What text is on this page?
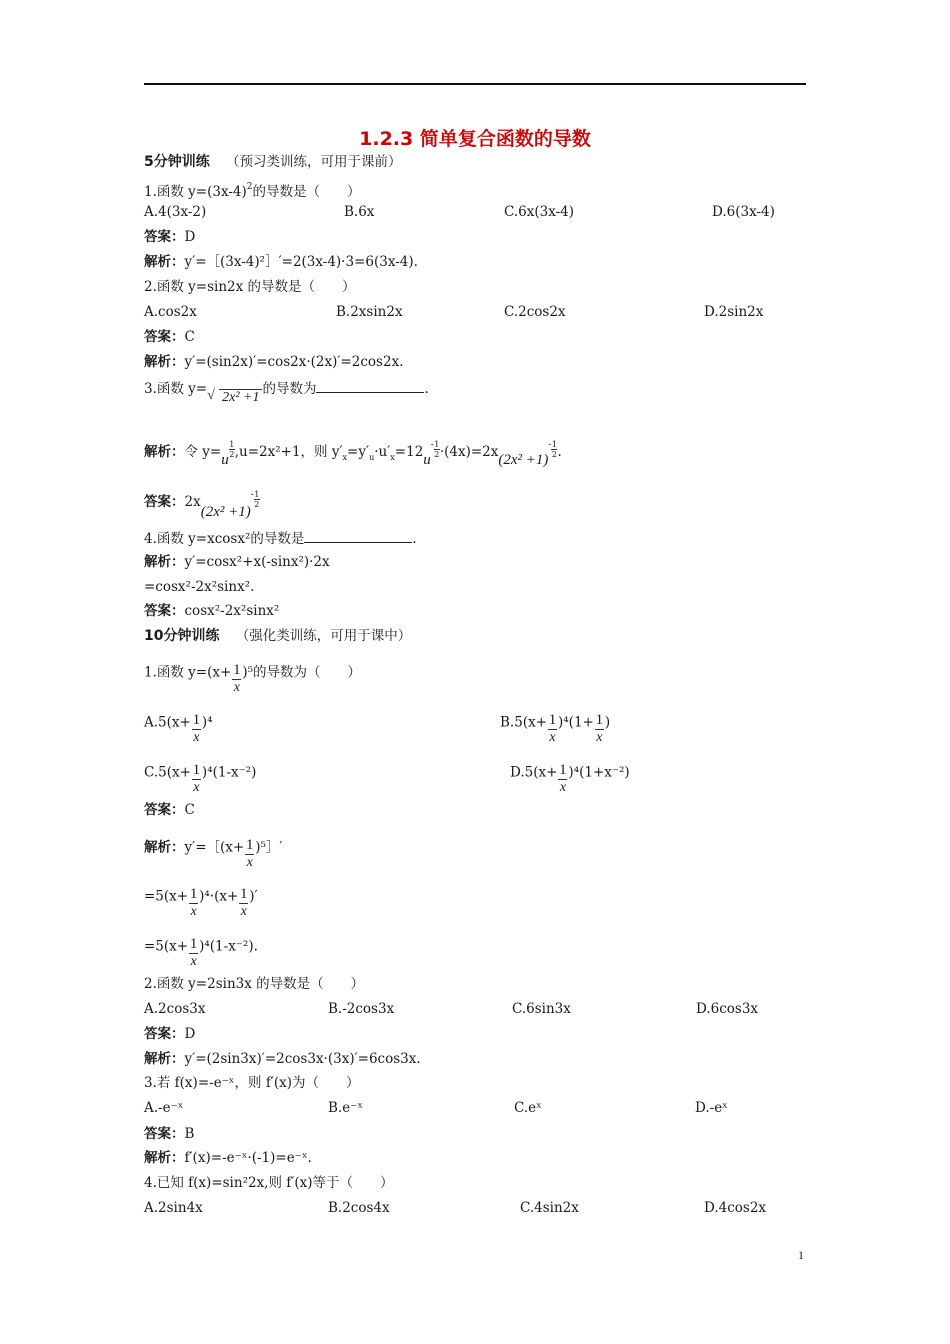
1.2.3 简单复合函数的导数
5分钟训练 （预习类训练，可用于课前）
1.函数 $y=(3x-4)^2$的导数是（　　）
A.4(3x-2)	B.6x	C.6x(3x-4)	D.6(3x-4)
答案：D
解析：y′=［(3x-4)²］′=2(3x-4)·3=6(3x-4).
2.函数 y=sin2x 的导数是（　　）
A.cos2x	B.2xsin2x	C.2cos2x	D.2sin2x
答案：C
解析：y′=(sin2x)′=cos2x·(2x)′=2cos2x.
3.函数 y= √ 2x² +1的导数为	.
解析：令 y=u
$\frac{1}{2} ,u=2x^2+1$，则 $y'_x=y'_u\cdot u'_x=12u^- \frac{1}{2} \cdot(4x)=2x(2x^2 +1)^- \frac{1}{2}$ .
答案：$2x(2x^2 +1)^- \frac{1}{2}$
4.函数 y=xcosx²的导数是	.
解析：y′=cosx²+x(-sinx²)·2x
=cosx²-2x²sinx².
答案：cosx²-2x²sinx²
10分钟训练 （强化类训练，可用于课中）
1.函数 $y=(x+ \frac{1}{x} )^5$的导数为（　　）
$A.5(x+ \frac{1}{x} )^4$	$B.5(x+ \frac{1}{x} )^4(1+ \frac{1}{x}$ )
$C.5(x+ \frac{1}{x} )^4(1-x^{-2})$	$D.5(x+ \frac{1}{x} )^4(1+x^{-2})$
答案：C
解析：y′=［(x+ $\frac{1}{x}$ )⁵］′
$=5(x+ \frac{1}{x} )^4\cdot(x+ \frac{1}{x}$ )′
$=5(x+ \frac{1}{x} )^4(1-x^{-2})$.
2.函数 y=2sin3x 的导数是（　　）
A.2cos3x	B.-2cos3x	C.6sin3x	D.6cos3x
答案：D
解析：y′=(2sin3x)′=2cos3x·(3x)′=6cos3x.
3.若 f(x)=-e⁻ˣ，则 f′(x)为（　　）
A.-e⁻ˣ	B.e⁻ˣ	C.eˣ	D.-eˣ
答案：B
解析：f′(x)=-e⁻ˣ·(-1)=e⁻ˣ.
4.已知 f(x)=sin²2x,则 f′(x)等于（　　）
A.2sin4x	B.2cos4x	C.4sin2x	D.4cos2x
1
